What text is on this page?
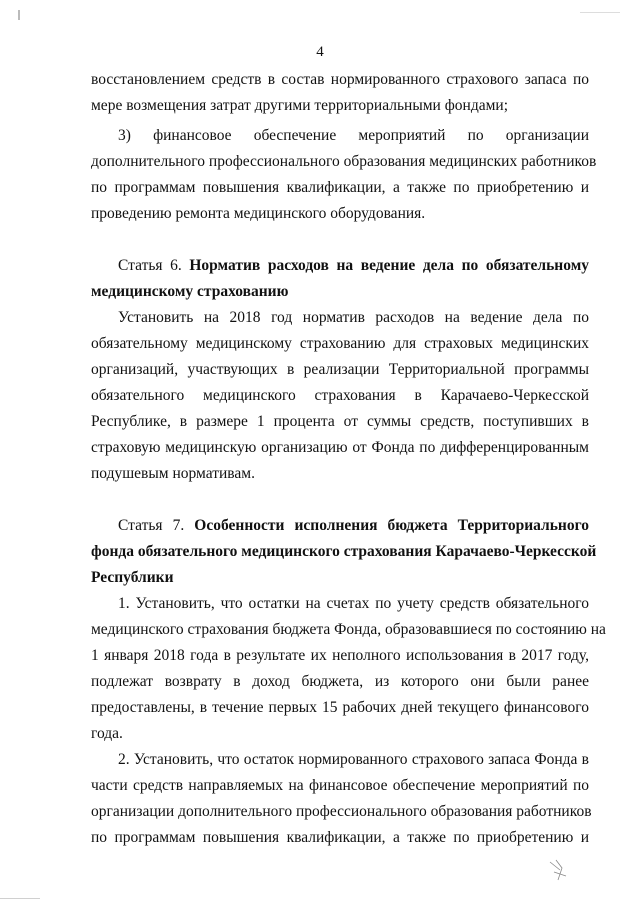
4
восстановлением средств в состав нормированного страхового запаса по
мере возмещения затрат другими территориальными фондами;
3) финансовое обеспечение мероприятий по организации
дополнительного профессионального образования медицинских работников
по программам повышения квалификации, а также по приобретению и
проведению ремонта медицинского оборудования.
Статья 6. Норматив расходов на ведение дела по обязательному
медицинскому страхованию
Установить на 2018 год норматив расходов на ведение дела по
обязательному медицинскому страхованию для страховых медицинских
организаций, участвующих в реализации Территориальной программы
обязательного медицинского страхования в Карачаево-Черкесской
Республике, в размере 1 процента от суммы средств, поступивших в
страховую медицинскую организацию от Фонда по дифференцированным
подушевым нормативам.
Статья 7. Особенности исполнения бюджета Территориального
фонда обязательного медицинского страхования Карачаево-Черкесской
Республики
1. Установить, что остатки на счетах по учету средств обязательного
медицинского страхования бюджета Фонда, образовавшиеся по состоянию на
1 января 2018 года в результате их неполного использования в 2017 году,
подлежат возврату в доход бюджета, из которого они были ранее
предоставлены, в течение первых 15 рабочих дней текущего финансового
года.
2. Установить, что остаток нормированного страхового запаса Фонда в
части средств направляемых на финансовое обеспечение мероприятий по
организации дополнительного профессионального образования работников
по программам повышения квалификации, а также по приобретению и
